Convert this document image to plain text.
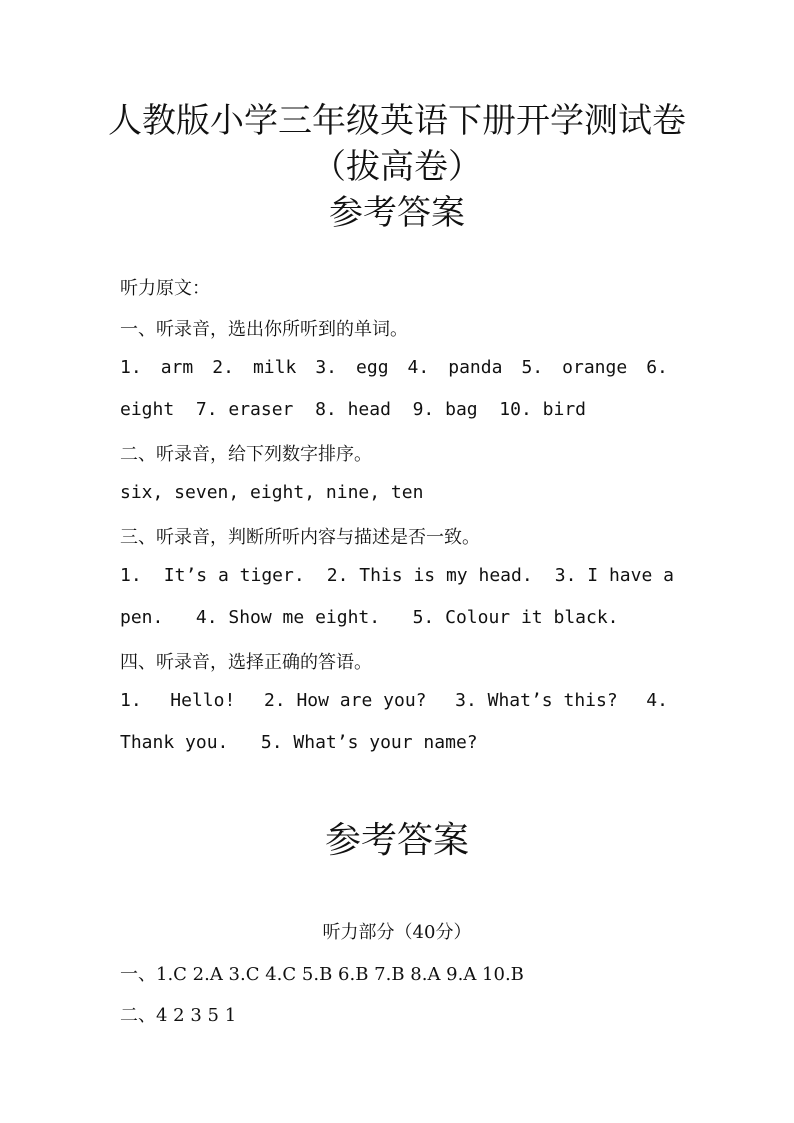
人教版小学三年级英语下册开学测试卷
（拔高卷）
参考答案
听力原文：
一、听录音，选出你所听到的单词。
1. arm 2. milk 3. egg 4. panda 5. orange 6.
eight  7. eraser  8. head  9. bag  10. bird
二、听录音，给下列数字排序。
six, seven, eight, nine, ten
三、听录音，判断所听内容与描述是否一致。
1. It’s a tiger. 2. This is my head. 3. I have a
pen.   4. Show me eight.   5. Colour it black.
四、听录音，选择正确的答语。
1. Hello! 2. How are you? 3. What’s this? 4.
Thank you.   5. What’s your name?
参考答案
听力部分（40分）
一、1.C 2.A 3.C 4.C 5.B 6.B 7.B 8.A 9.A 10.B
二、4 2 3 5 1
